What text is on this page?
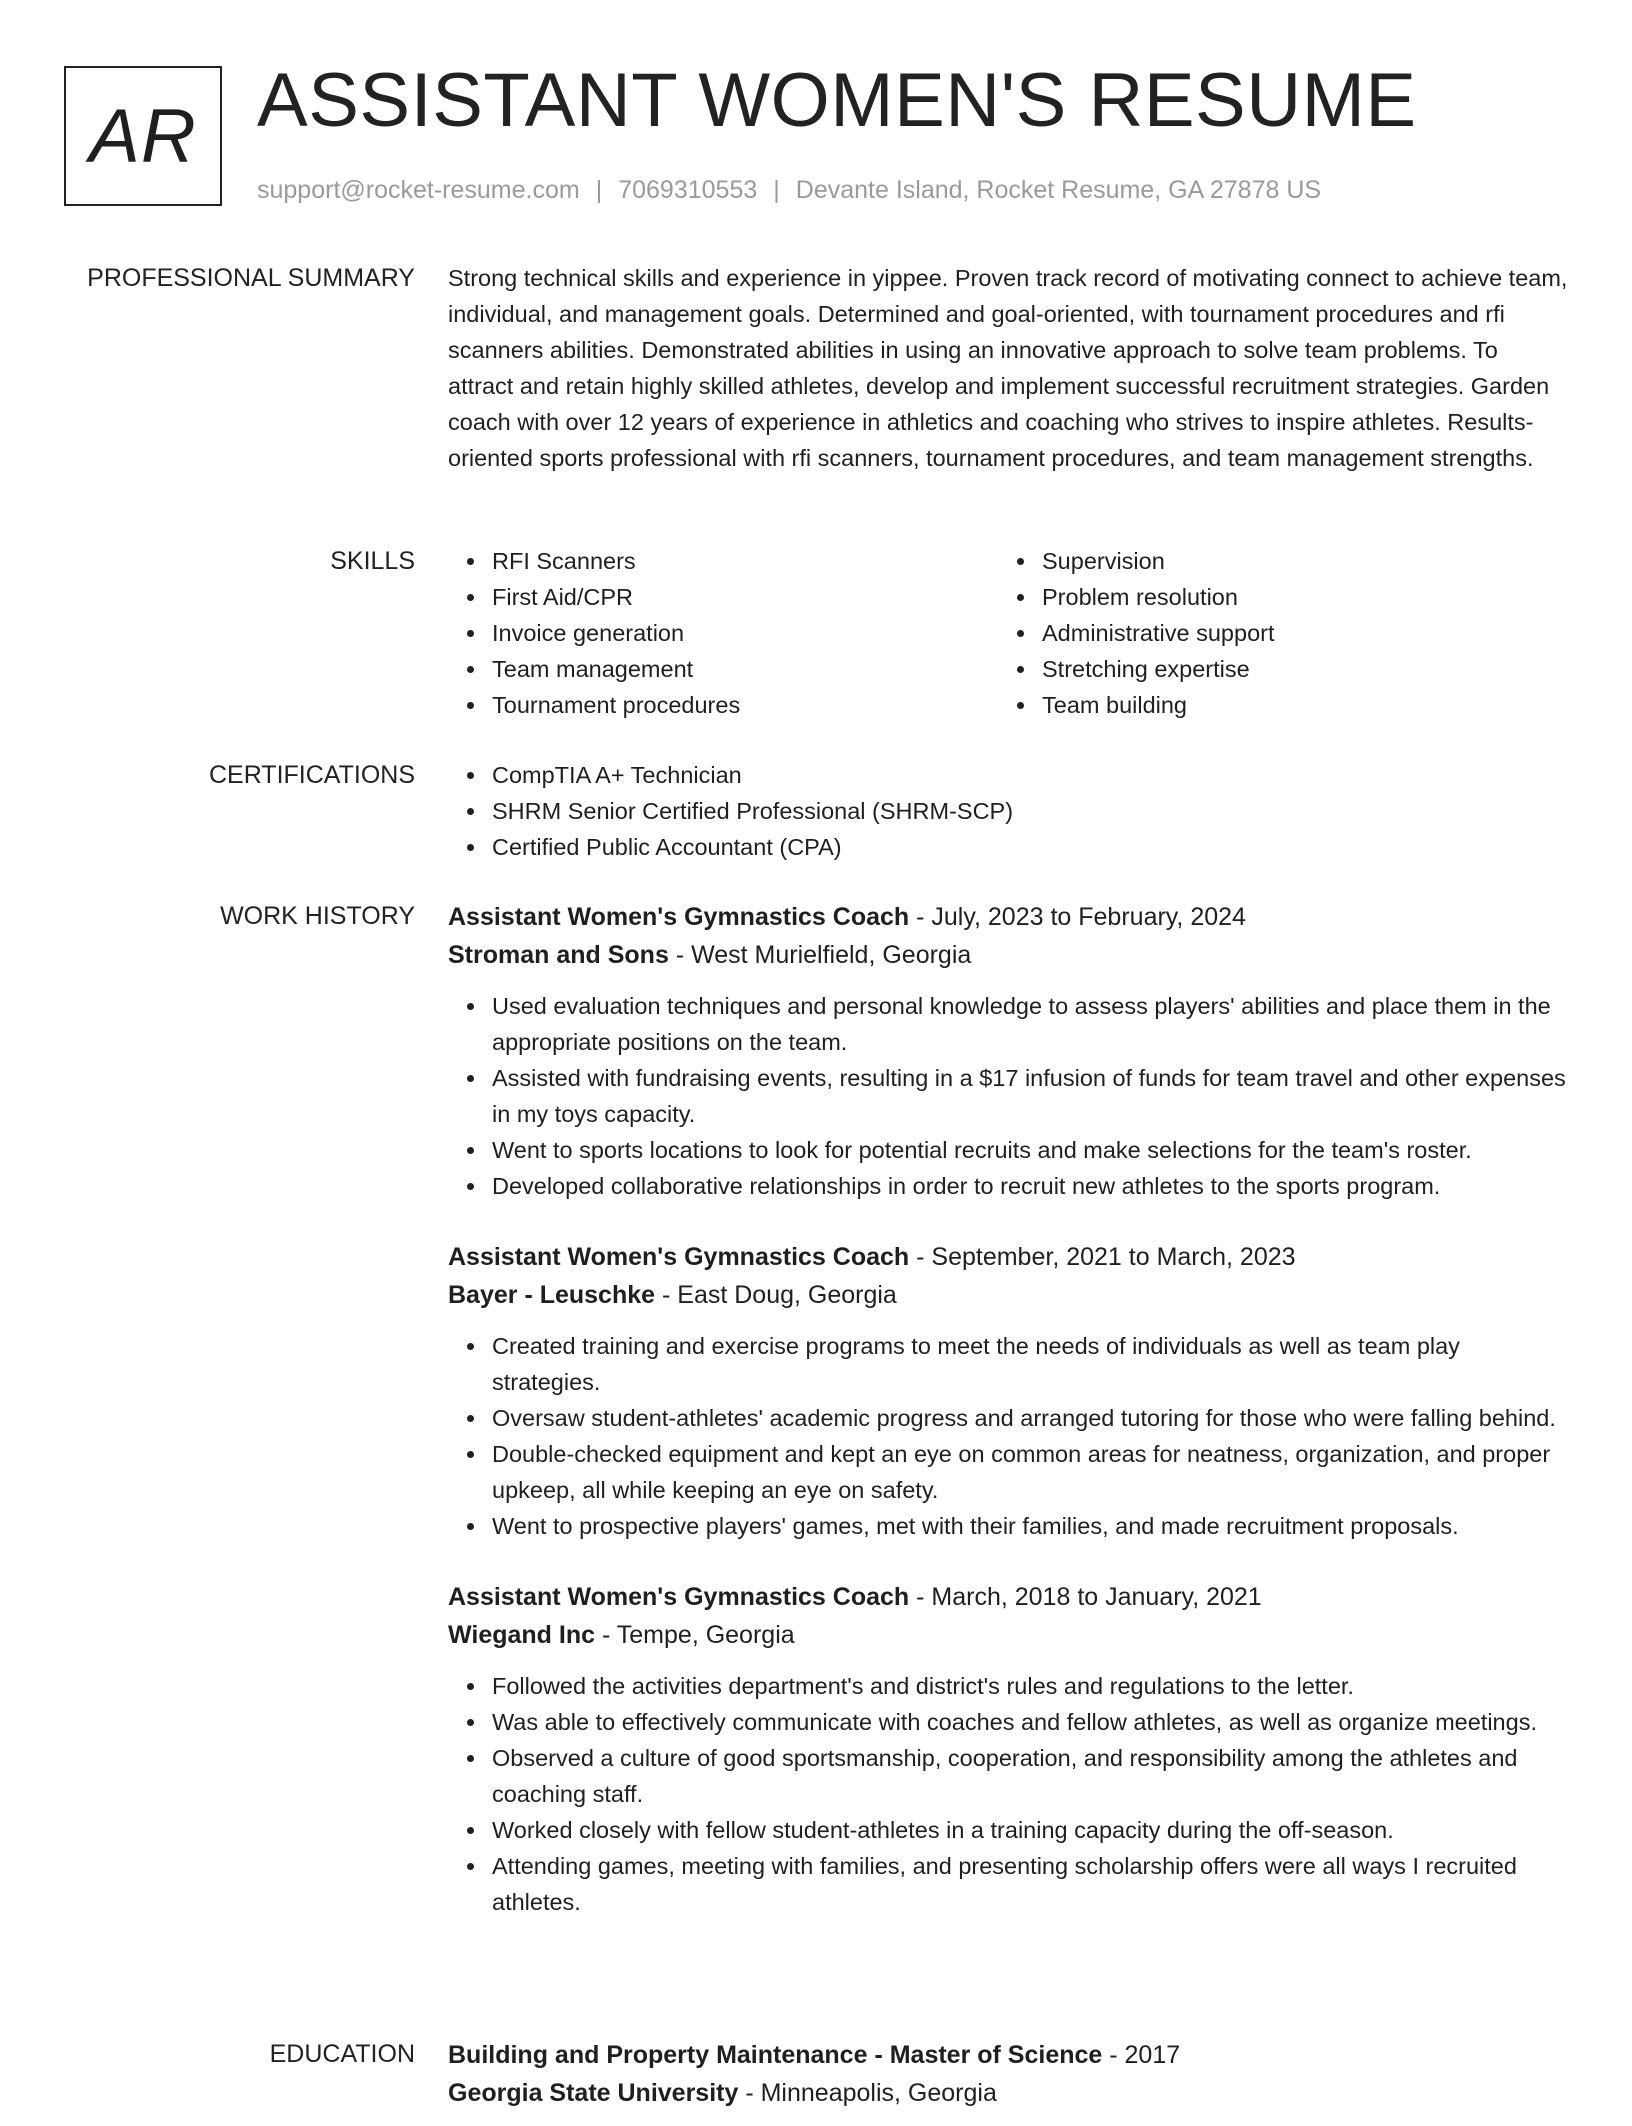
AR ASSISTANT WOMEN'S RESUME
support@rocket-resume.com | 7069310553 | Devante Island, Rocket Resume, GA 27878 US
PROFESSIONAL SUMMARY Strong technical skills and experience in yippee. Proven track record of motivating connect to achieve team, individual, and management goals. Determined and goal-oriented, with tournament procedures and rfi scanners abilities. Demonstrated abilities in using an innovative approach to solve team problems. To attract and retain highly skilled athletes, develop and implement successful recruitment strategies. Garden coach with over 12 years of experience in athletics and coaching who strives to inspire athletes. Results-oriented sports professional with rfi scanners, tournament procedures, and team management strengths.

SKILLS	RFI Scanners
First Aid/CPR
Invoice generation
Team management
Tournament procedures
Supervision
Problem resolution
Administrative support
Stretching expertise
Team building
CERTIFICATIONS	CompTIA A+ Technician
SHRM Senior Certified Professional (SHRM-SCP)
Certified Public Accountant (CPA)
WORK HISTORY Assistant Women's Gymnastics Coach - July, 2023 to February, 2024
Stroman and Sons - West Murielfield, Georgia
Used evaluation techniques and personal knowledge to assess players' abilities and place them in the appropriate positions on the team.
Assisted with fundraising events, resulting in a $17 infusion of funds for team travel and other expenses in my toys capacity.
Went to sports locations to look for potential recruits and make selections for the team's roster.
Developed collaborative relationships in order to recruit new athletes to the sports program.
Assistant Women's Gymnastics Coach - September, 2021 to March, 2023
Bayer - Leuschke - East Doug, Georgia
Created training and exercise programs to meet the needs of individuals as well as team play strategies.
Oversaw student-athletes' academic progress and arranged tutoring for those who were falling behind.
Double-checked equipment and kept an eye on common areas for neatness, organization, and proper upkeep, all while keeping an eye on safety.
Went to prospective players' games, met with their families, and made recruitment proposals.
Assistant Women's Gymnastics Coach - March, 2018 to January, 2021
Wiegand Inc - Tempe, Georgia
Followed the activities department's and district's rules and regulations to the letter.
Was able to effectively communicate with coaches and fellow athletes, as well as organize meetings.
Observed a culture of good sportsmanship, cooperation, and responsibility among the athletes and coaching staff.
Worked closely with fellow student-athletes in a training capacity during the off-season.
Attending games, meeting with families, and presenting scholarship offers were all ways I recruited athletes.
EDUCATION Building and Property Maintenance - Master of Science - 2017
Georgia State University - Minneapolis, Georgia
